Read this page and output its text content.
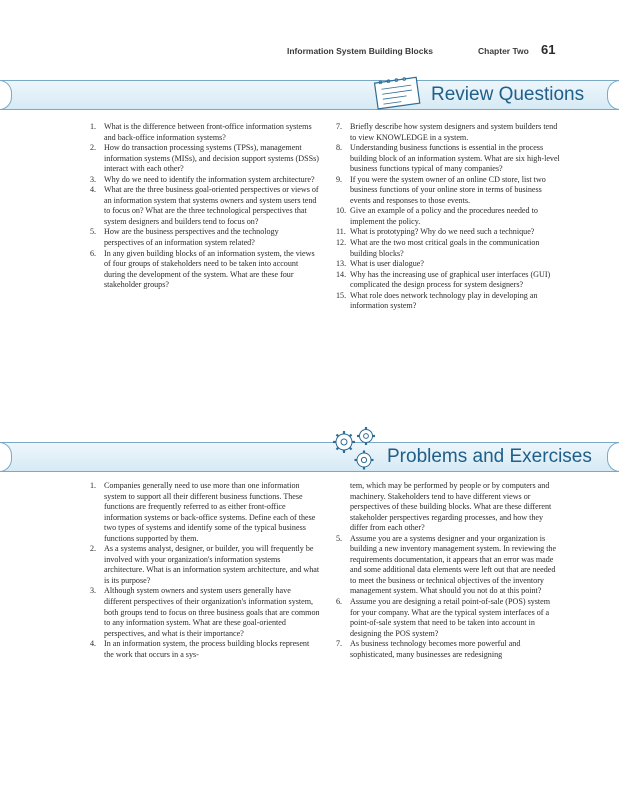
Information System Building Blocks	Chapter Two 61
Review Questions
1. What is the difference between front-office information systems and back-office information systems?
2. How do transaction processing systems (TPSs), management information systems (MISs), and decision support systems (DSSs) interact with each other?
3. Why do we need to identify the information system architecture?
4. What are the three business goal-oriented perspectives or views of an information system that systems owners and system users tend to focus on? What are the three technological perspectives that system designers and builders tend to focus on?
5. How are the business perspectives and the technology perspectives of an information system related?
6. In any given building blocks of an information system, the views of four groups of stakeholders need to be taken into account during the development of the system. What are these four stakeholder groups?
7. Briefly describe how system designers and system builders tend to view KNOWLEDGE in a system.
8. Understanding business functions is essential in the process building block of an information system. What are six high-level business functions typical of many companies?
9. If you were the system owner of an online CD store, list two business functions of your online store in terms of business events and responses to those events.
10. Give an example of a policy and the procedures needed to implement the policy.
11. What is prototyping? Why do we need such a technique?
12. What are the two most critical goals in the communication building blocks?
13. What is user dialogue?
14. Why has the increasing use of graphical user interfaces (GUI) complicated the design process for system designers?
15. What role does network technology play in developing an information system?
Problems and Exercises
1. Companies generally need to use more than one information system to support all their different business functions. These functions are frequently referred to as either front-office information systems or back-office systems. Define each of these two types of systems and identify some of the typical business functions supported by them.
2. As a systems analyst, designer, or builder, you will frequently be involved with your organization's information systems architecture. What is an information system architecture, and what is its purpose?
3. Although system owners and system users generally have different perspectives of their organization's information system, both groups tend to focus on three business goals that are common to any information system. What are these goal-oriented perspectives, and what is their importance?
4. In an information system, the process building blocks represent the work that occurs in a sys-
tem, which may be performed by people or by computers and machinery. Stakeholders tend to have different views or perspectives of these building blocks. What are these different stakeholder perspectives regarding processes, and how they differ from each other?
5. Assume you are a systems designer and your organization is building a new inventory management system. In reviewing the requirements documentation, it appears that an error was made and some additional data elements were left out that are needed to meet the business or technical objectives of the inventory management system. What should you not do at this point?
6. Assume you are designing a retail point-of-sale (POS) system for your company. What are the typical system interfaces of a point-of-sale system that need to be taken into account in designing the POS system?
7. As business technology becomes more powerful and sophisticated, many businesses are redesigning
